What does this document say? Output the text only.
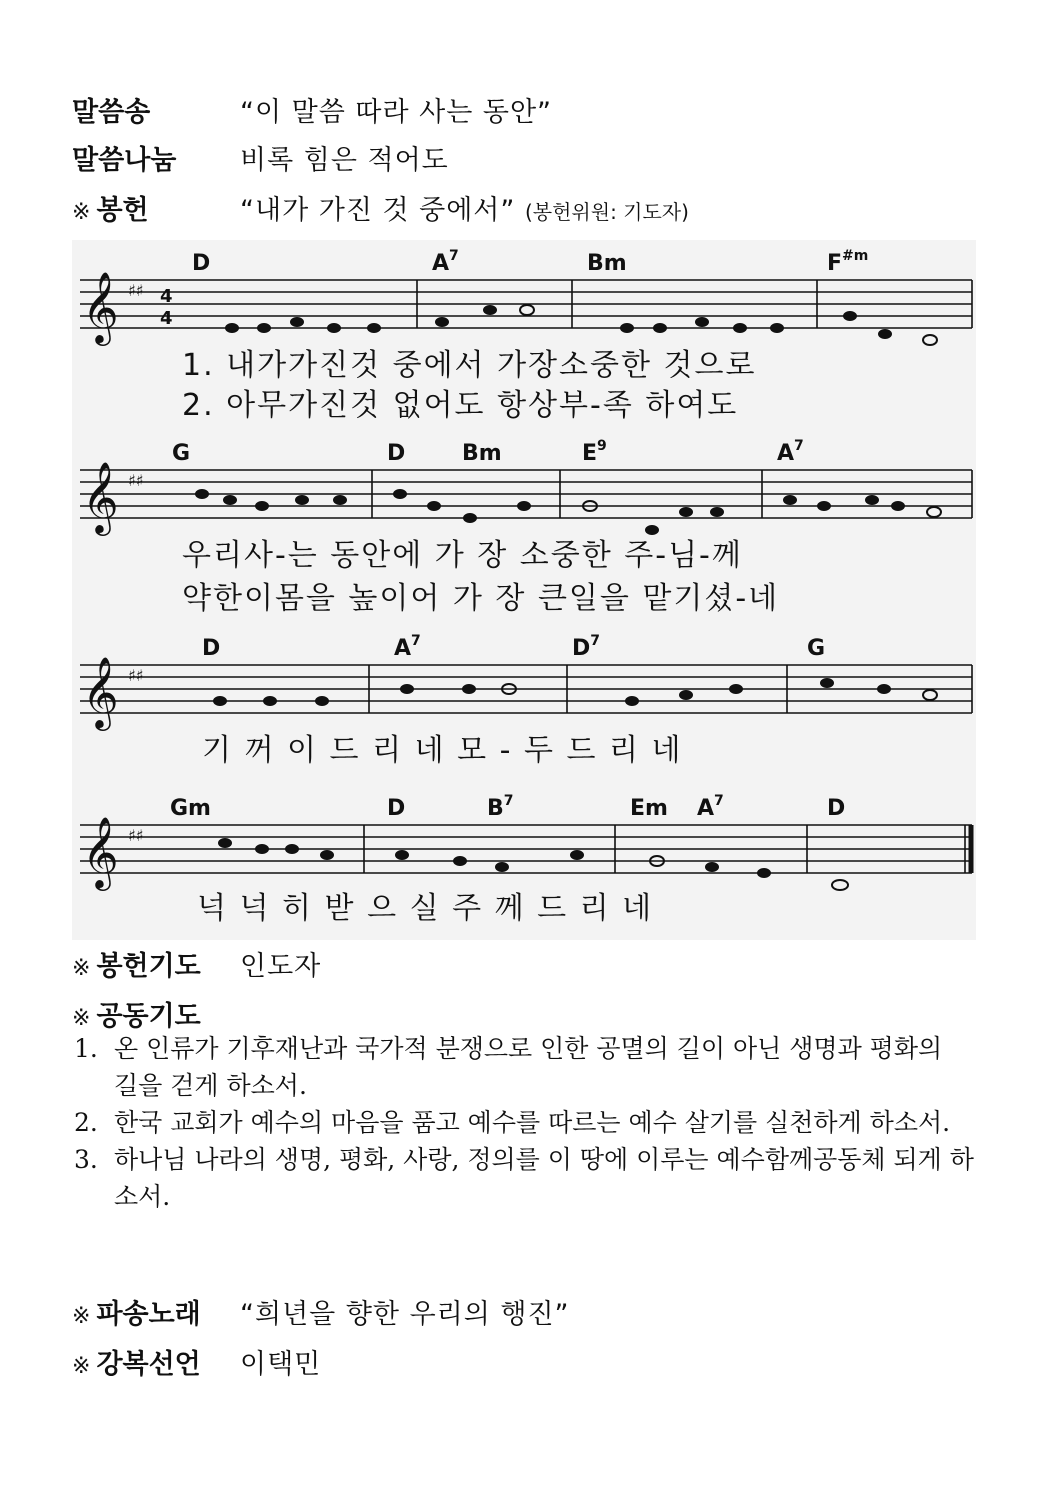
말씀송	“이 말씀 따라 사는 동안”
말씀나눔 비록 힘은 적어도
※ 봉헌	“내가 가진 것 중에서” (봉헌위원: 기도자)
𝄞 ♯♯ 4
4
D	$A^7$	Bm	$F^{\#m}$
1. 내가가진것 중에서 가장소중한 것으로
2. 아무가진것 없어도 항상부-족 하여도
𝄞 ♯♯
G	D	Bm	$E^9$	$A^7$
우리사-는 동안에 가 장 소중한 주-님-께
약한이몸을 높이어 가 장 큰일을 맡기셨-네
𝄞 ♯♯
D	$A^7$	$D^7$	G
기 꺼 이 드 리 네 모 - 두 드 리 네
𝄞 ♯♯
Gm	D	$B^7$	Em $A^7$	D
넉 넉 히 받 으 실 주 께 드 리 네
※ 봉헌기도 인도자
※ 공동기도
1. 온 인류가 기후재난과 국가적 분쟁으로 인한 공멸의 길이 아닌 생명과 평화의 길을 걷게 하소서.
2. 한국 교회가 예수의 마음을 품고 예수를 따르는 예수 살기를 실천하게 하소서.
3. 하나님 나라의 생명, 평화, 사랑, 정의를 이 땅에 이루는 예수함께공동체 되게 하소서.
※ 파송노래 “희년을 향한 우리의 행진”
※ 강복선언 이택민
